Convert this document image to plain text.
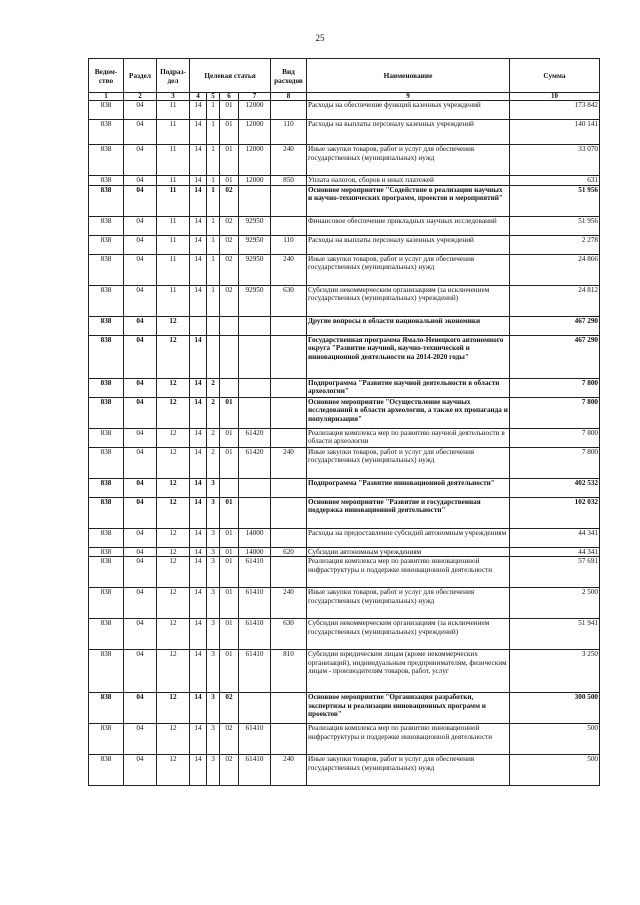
25
Ведом-ство	Раздел	Подраз-дел	Целевая статья				Вид расходов	Наименование	Сумма
1	2	3	4	5	6	7	8	9	10
838	04	11	14	1	01	12000		Расходы на обеспечение функций казенных учреждений	173 842
838	04	11	14	1	01	12000	110	Расходы на выплаты персоналу казенных учреждений	140 141
838	04	11	14	1	01	12000	240	Иные закупки товаров, работ и услуг для обеспечения государственных (муниципальных) нужд	33 070
838	04	11	14	1	01	12000	850	Уплата налогов, сборов и иных платежей	631
838	04	11	14	1	02			Основное мероприятие "Содействие в реализации научных и научно-технических программ, проектов и мероприятий"	51 956
838	04	11	14	1	02	92950		Финансовое обеспечение прикладных научных исследований	51 956
838	04	11	14	1	02	92950	110	Расходы на выплаты персоналу казенных учреждений	2 278
838	04	11	14	1	02	92950	240	Иные закупки товаров, работ и услуг для обеспечения государственных (муниципальных) нужд	24 866
838	04	11	14	1	02	92950	630	Субсидии некоммерческим организациям (за исключением государственных (муниципальных) учреждений)	24 812
838	04	12						Другие вопросы в области национальной экономики	467 290
838	04	12	14					Государственная программа Ямало-Ненецкого автономного округа "Развитие научной, научно-технической и инновационной деятельности на 2014-2020 годы"	467 290
838	04	12	14	2				Подпрограмма "Развитие научной деятельности в области археологии"	7 800
838	04	12	14	2	01			Основное мероприятие "Осуществление научных исследований в области археологии, а также их пропаганда и популяризация"	7 800
838	04	12	14	2	01	61420		Реализация комплекса мер по развитию научной деятельности в области археологии	7 800
838	04	12	14	2	01	61420	240	Иные закупки товаров, работ и услуг для обеспечения государственных (муниципальных) нужд	7 800
838	04	12	14	3				Подпрограмма "Развитие инновационной деятельности"	402 532
838	04	12	14	3	01			Основное мероприятие "Развитие и государственная поддержка инновационной деятельности"	102 032
838	04	12	14	3	01	14000		Расходы на предоставление субсидий автономным учреждениям	44 341
838	04	12	14	3	01	14000	620	Субсидии автономным учреждениям	44 341
838	04	12	14	3	01	61410		Реализация комплекса мер по развитию инновационной инфраструктуры и поддержке инновационной деятельности	57 691
838	04	12	14	3	01	61410	240	Иные закупки товаров, работ и услуг для обеспечения государственных (муниципальных) нужд	2 500
838	04	12	14	3	01	61410	630	Субсидии некоммерческим организациям (за исключением государственных (муниципальных) учреждений)	51 941
838	04	12	14	3	01	61410	810	Субсидии юридическим лицам (кроме некоммерческих организаций), индивидуальным предпринимателям, физическим лицам - производителям товаров, работ, услуг	3 250
838	04	12	14	3	02			Основное мероприятие "Организация разработки, экспертизы и реализации инновационных программ и проектов"	300 500
838	04	12	14	3	02	61410		Реализация комплекса мер по развитию инновационной инфраструктуры и поддержке инновационной деятельности	500
838	04	12	14	3	02	61410	240	Иные закупки товаров, работ и услуг для обеспечения государственных (муниципальных) нужд	500
